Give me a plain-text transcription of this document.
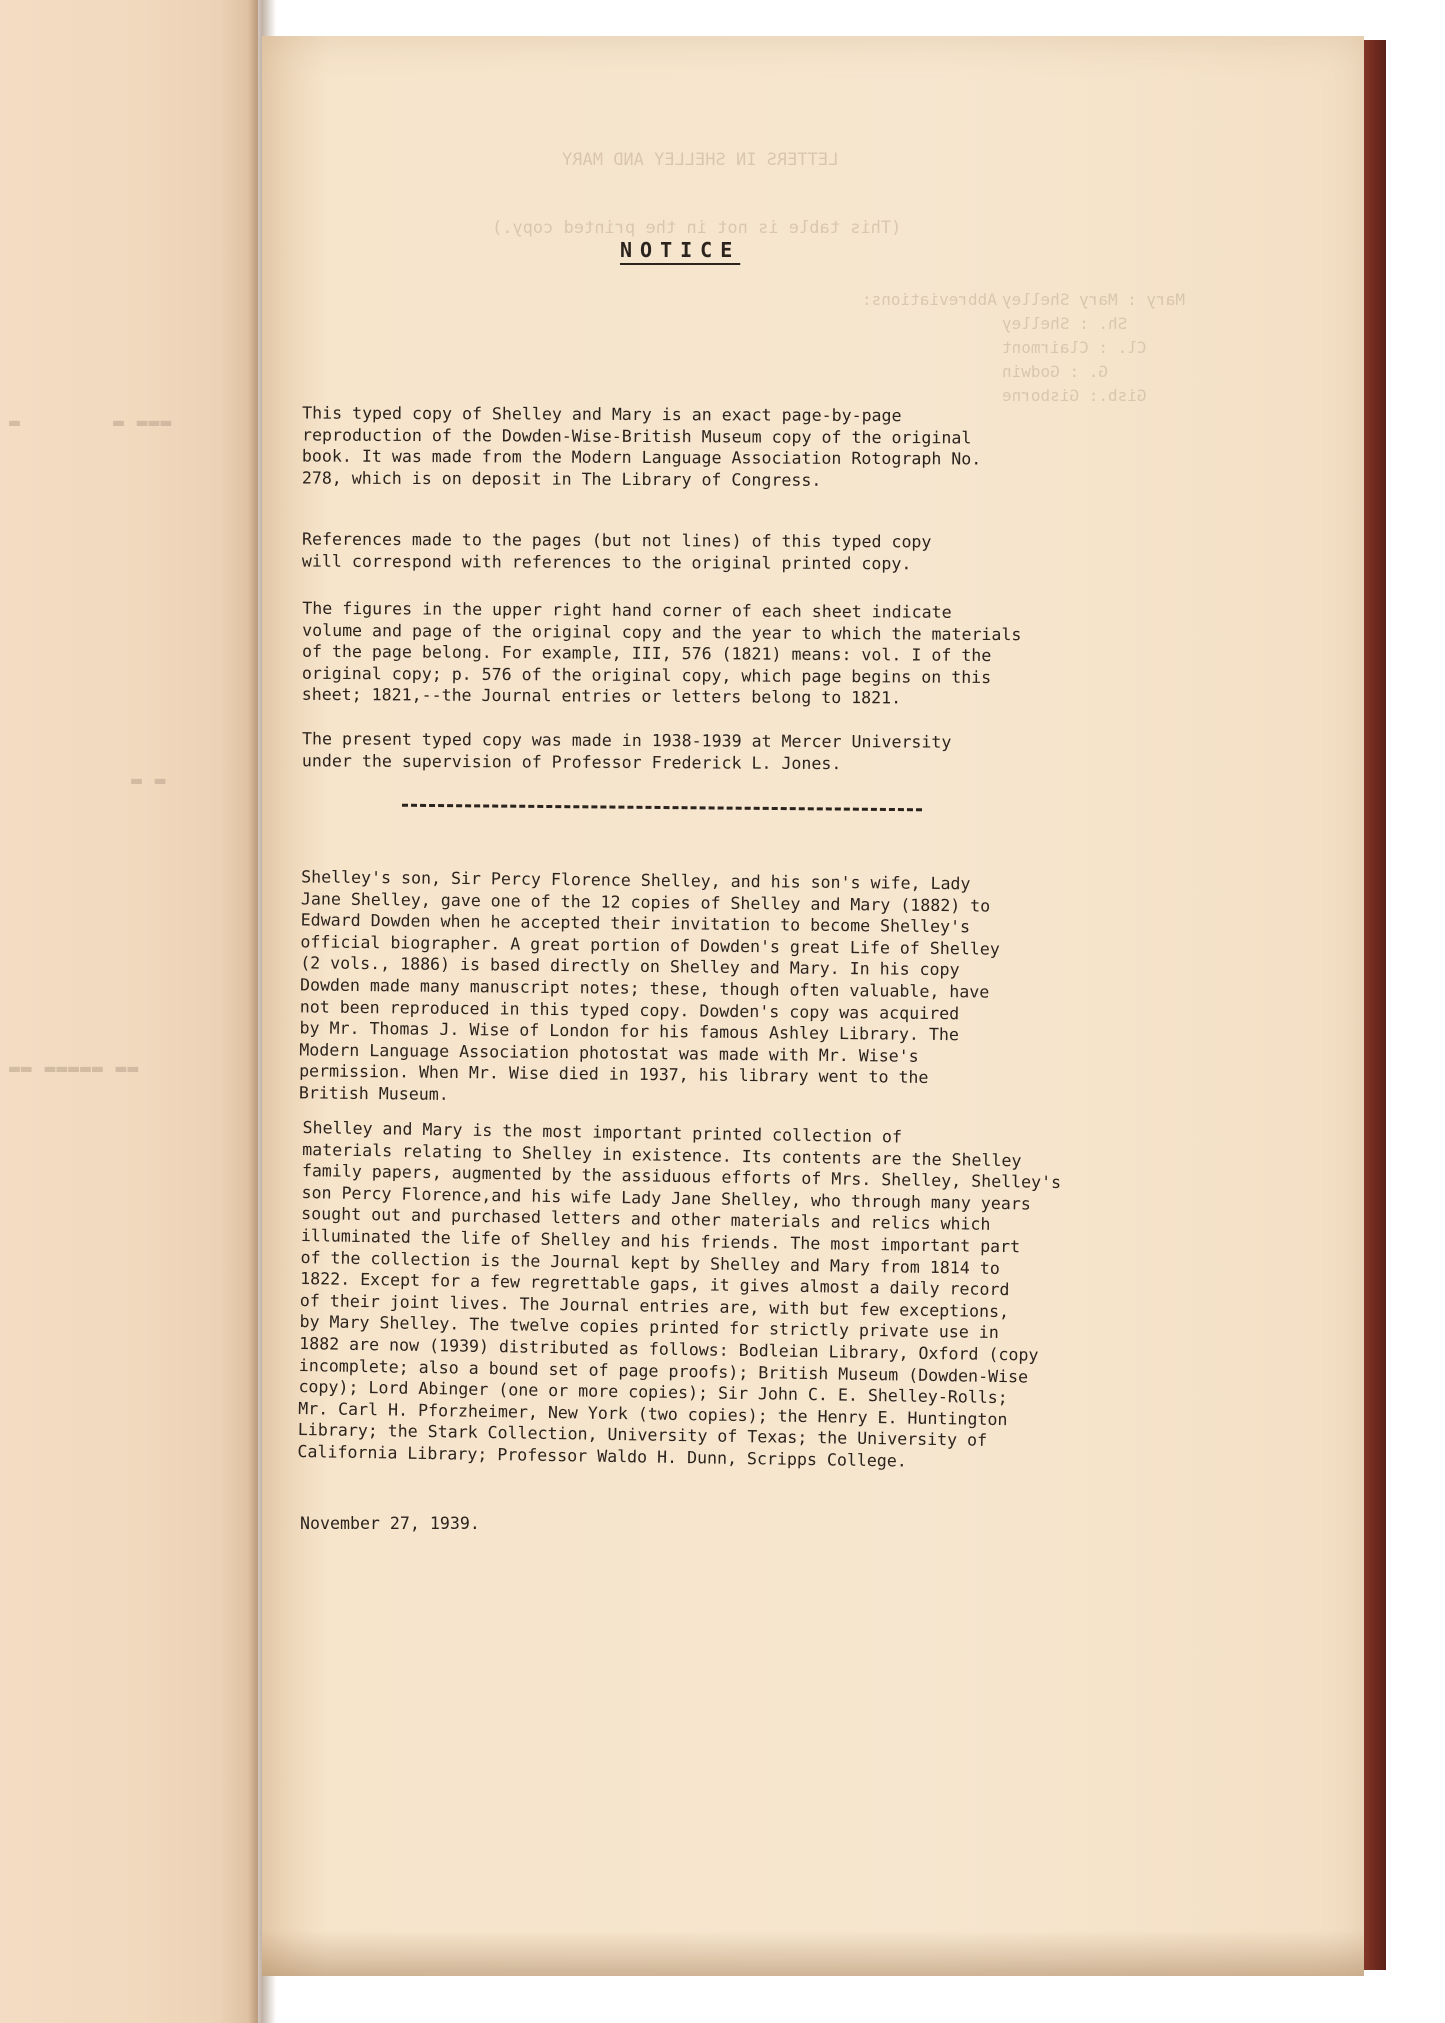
▬▬▬ ▬
▬
▬ ▬
▬▬ ▬▬▬▬▬ ▬▬
LETTERS IN SHELLEY AND MARY
(This table is not in the printed copy.)
Abbreviations: Mary : Mary Shelley
Sh. : Shelley
Cl. : Clairmont
G. : Godwin
Gisb.: Gisborne
NOTICE
This typed copy of Shelley and Mary is an exact page-by-page
reproduction of the Dowden-Wise-British Museum copy of the original
book. It was made from the Modern Language Association Rotograph No.
278, which is on deposit in The Library of Congress.
References made to the pages (but not lines) of this typed copy
will correspond with references to the original printed copy.
The figures in the upper right hand corner of each sheet indicate
volume and page of the original copy and the year to which the materials
of the page belong. For example, III, 576 (1821) means: vol. I of the
original copy; p. 576 of the original copy, which page begins on this
sheet; 1821,--the Journal entries or letters belong to 1821.
The present typed copy was made in 1938-1939 at Mercer University
under the supervision of Professor Frederick L. Jones.
Shelley's son, Sir Percy Florence Shelley, and his son's wife, Lady
Jane Shelley, gave one of the 12 copies of Shelley and Mary (1882) to
Edward Dowden when he accepted their invitation to become Shelley's
official biographer. A great portion of Dowden's great Life of Shelley
(2 vols., 1886) is based directly on Shelley and Mary. In his copy
Dowden made many manuscript notes; these, though often valuable, have
not been reproduced in this typed copy. Dowden's copy was acquired
by Mr. Thomas J. Wise of London for his famous Ashley Library. The
Modern Language Association photostat was made with Mr. Wise's
permission. When Mr. Wise died in 1937, his library went to the
British Museum.
Shelley and Mary is the most important printed collection of
materials relating to Shelley in existence. Its contents are the Shelley
family papers, augmented by the assiduous efforts of Mrs. Shelley, Shelley's
son Percy Florence,and his wife Lady Jane Shelley, who through many years
sought out and purchased letters and other materials and relics which
illuminated the life of Shelley and his friends. The most important part
of the collection is the Journal kept by Shelley and Mary from 1814 to
1822. Except for a few regrettable gaps, it gives almost a daily record
of their joint lives. The Journal entries are, with but few exceptions,
by Mary Shelley. The twelve copies printed for strictly private use in
1882 are now (1939) distributed as follows: Bodleian Library, Oxford (copy
incomplete; also a bound set of page proofs); British Museum (Dowden-Wise
copy); Lord Abinger (one or more copies); Sir John C. E. Shelley-Rolls;
Mr. Carl H. Pforzheimer, New York (two copies); the Henry E. Huntington
Library; the Stark Collection, University of Texas; the University of
California Library; Professor Waldo H. Dunn, Scripps College.
November 27, 1939.
